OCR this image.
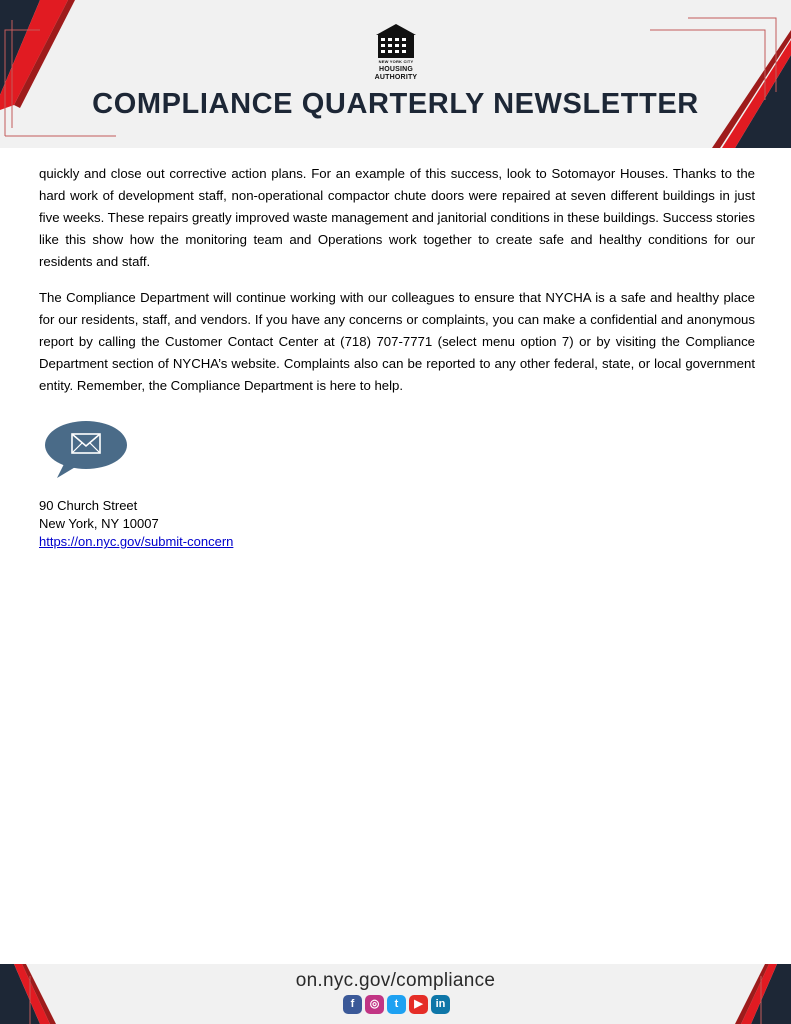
NEW YORK CITY
HOUSING
AUTHORITY
COMPLIANCE QUARTERLY NEWSLETTER

quickly and close out corrective action plans. For an example of this success, look to Sotomayor Houses. Thanks to the hard work of development staff, non-operational compactor chute doors were repaired at seven different buildings in just five weeks. These repairs greatly improved waste management and janitorial conditions in these buildings. Success stories like this show how the monitoring team and Operations work together to create safe and healthy conditions for our residents and staff.

The Compliance Department will continue working with our colleagues to ensure that NYCHA is a safe and healthy place for our residents, staff, and vendors. If you have any concerns or complaints, you can make a confidential and anonymous report by calling the Customer Contact Center at (718) 707-7771 (select menu option 7) or by visiting the Compliance Department section of NYCHA’s website. Complaints also can be reported to any other federal, state, or local government entity. Remember, the Compliance Department is here to help.

90 Church Street
New York, NY 10007
https://on.nyc.gov/submit-concern
on.nyc.gov/compliance
f	◎	t	▶	in
